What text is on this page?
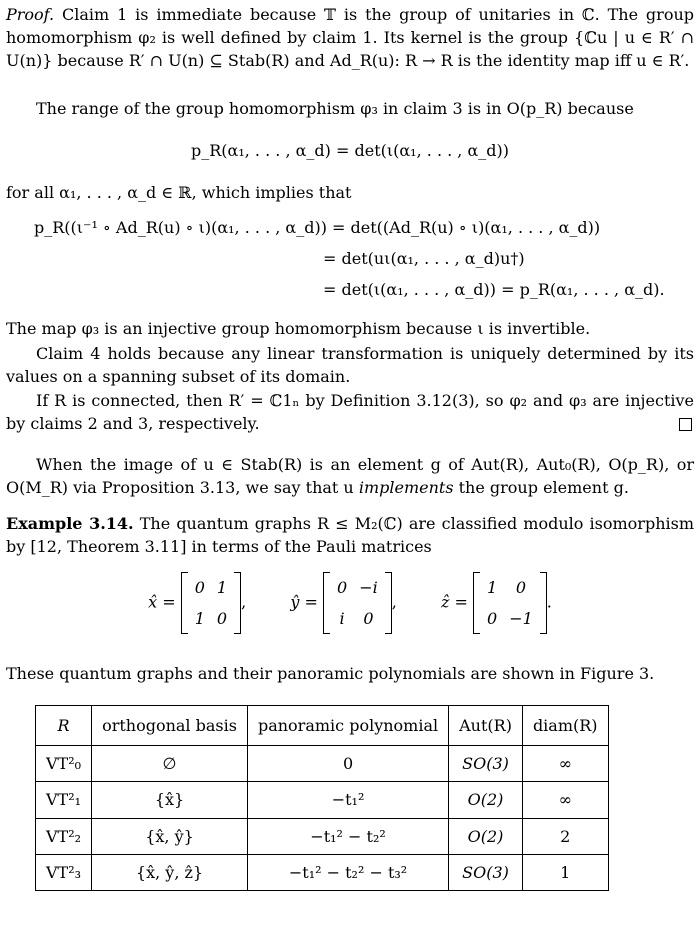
Proof. Claim 1 is immediate because 𝕋 is the group of unitaries in ℂ. The group homomorphism φ₂ is well defined by claim 1. Its kernel is the group {ℂu | u ∈ R′ ∩ U(n)} because R′ ∩ U(n) ⊆ Stab(R) and Ad_R(u): R → R is the identity map iff u ∈ R′.
The range of the group homomorphism φ₃ in claim 3 is in O(p_R) because
p_R(α₁, . . . , α_d) = det(ι(α₁, . . . , α_d))
for all α₁, . . . , α_d ∈ ℝ, which implies that
p_R((ι⁻¹ ∘ Ad_R(u) ∘ ι)(α₁, . . . , α_d)) = det((Ad_R(u) ∘ ι)(α₁, . . . , α_d))
= det(uι(α₁, . . . , α_d)u†)
= det(ι(α₁, . . . , α_d)) = p_R(α₁, . . . , α_d).
The map φ₃ is an injective group homomorphism because ι is invertible.
Claim 4 holds because any linear transformation is uniquely determined by its values on a spanning subset of its domain.
If R is connected, then R′ = ℂ1ₙ by Definition 3.12(3), so φ₂ and φ₃ are injective by claims 2 and 3, respectively.
When the image of u ∈ Stab(R) is an element g of Aut(R), Aut₀(R), O(p_R), or O(M_R) via Proposition 3.13, we say that u implements the group element g.
Example 3.14. The quantum graphs R ≤ M₂(ℂ) are classified modulo isomorphism by [12, Theorem 3.11] in terms of the Pauli matrices
x̂ =
0	1
1	0
,	ŷ =
0	−i
i	0
,	ẑ =
1	0
0	−1
.
These quantum graphs and their panoramic polynomials are shown in Figure 3.
R	orthogonal basis	panoramic polynomial	Aut(R)	diam(R)
VT²₀	∅	0	SO(3)	∞
VT²₁	{x̂}	−t₁²	O(2)	∞
VT²₂	{x̂, ŷ}	−t₁² − t₂²	O(2)	2
VT²₃	{x̂, ŷ, ẑ}	−t₁² − t₂² − t₃²	SO(3)	1
